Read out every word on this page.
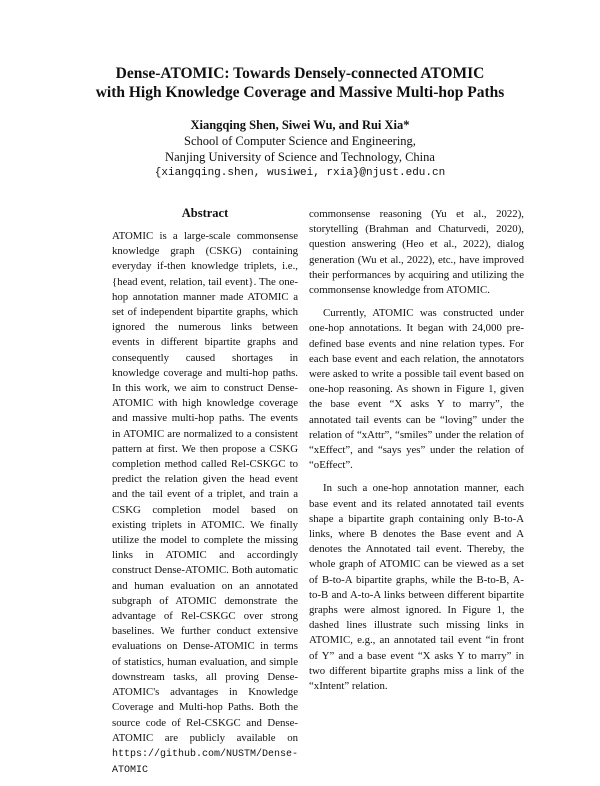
Dense-ATOMIC: Towards Densely-connected ATOMIC
with High Knowledge Coverage and Massive Multi-hop Paths
Xiangqing Shen, Siwei Wu, and Rui Xia*
School of Computer Science and Engineering,
Nanjing University of Science and Technology, China
{xiangqing.shen, wusiwei, rxia}@njust.edu.cn
Abstract

ATOMIC is a large-scale commonsense knowledge graph (CSKG) containing everyday if-then knowledge triplets, i.e., {head event, relation, tail event}. The one-hop annotation manner made ATOMIC a set of independent bipartite graphs, which ignored the numerous links between events in different bipartite graphs and consequently caused shortages in knowledge coverage and multi-hop paths. In this work, we aim to construct Dense-ATOMIC with high knowledge coverage and massive multi-hop paths. The events in ATOMIC are normalized to a consistent pattern at first. We then propose a CSKG completion method called Rel-CSKGC to predict the relation given the head event and the tail event of a triplet, and train a CSKG completion model based on existing triplets in ATOMIC. We finally utilize the model to complete the missing links in ATOMIC and accordingly construct Dense-ATOMIC. Both automatic and human evaluation on an annotated subgraph of ATOMIC demonstrate the advantage of Rel-CSKGC over strong baselines. We further conduct extensive evaluations on Dense-ATOMIC in terms of statistics, human evaluation, and simple downstream tasks, all proving Dense-ATOMIC's advantages in Knowledge Coverage and Multi-hop Paths. Both the source code of Rel-CSKGC and Dense-ATOMIC are publicly available on https://github.com/NUSTM/Dense-ATOMIC

commonsense reasoning (Yu et al., 2022), storytelling (Brahman and Chaturvedi, 2020), question answering (Heo et al., 2022), dialog generation (Wu et al., 2022), etc., have improved their performances by acquiring and utilizing the commonsense knowledge from ATOMIC.

Currently, ATOMIC was constructed under one-hop annotations. It began with 24,000 pre-defined base events and nine relation types. For each base event and each relation, the annotators were asked to write a possible tail event based on one-hop reasoning. As shown in Figure 1, given the base event “X asks Y to marry”, the annotated tail events can be “loving” under the relation of “xAttr”, “smiles” under the relation of “xEffect”, and “says yes” under the relation of “oEffect”.

In such a one-hop annotation manner, each base event and its related annotated tail events shape a bipartite graph containing only B-to-A links, where B denotes the Base event and A denotes the Annotated tail event. Thereby, the whole graph of ATOMIC can be viewed as a set of B-to-A bipartite graphs, while the B-to-B, A-to-B and A-to-A links between different bipartite graphs were almost ignored. In Figure 1, the dashed lines illustrate such missing links in ATOMIC, e.g., an annotated tail event “in front of Y” and a base event “X asks Y to marry” in two different bipartite graphs miss a link of the “xIntent” relation.
